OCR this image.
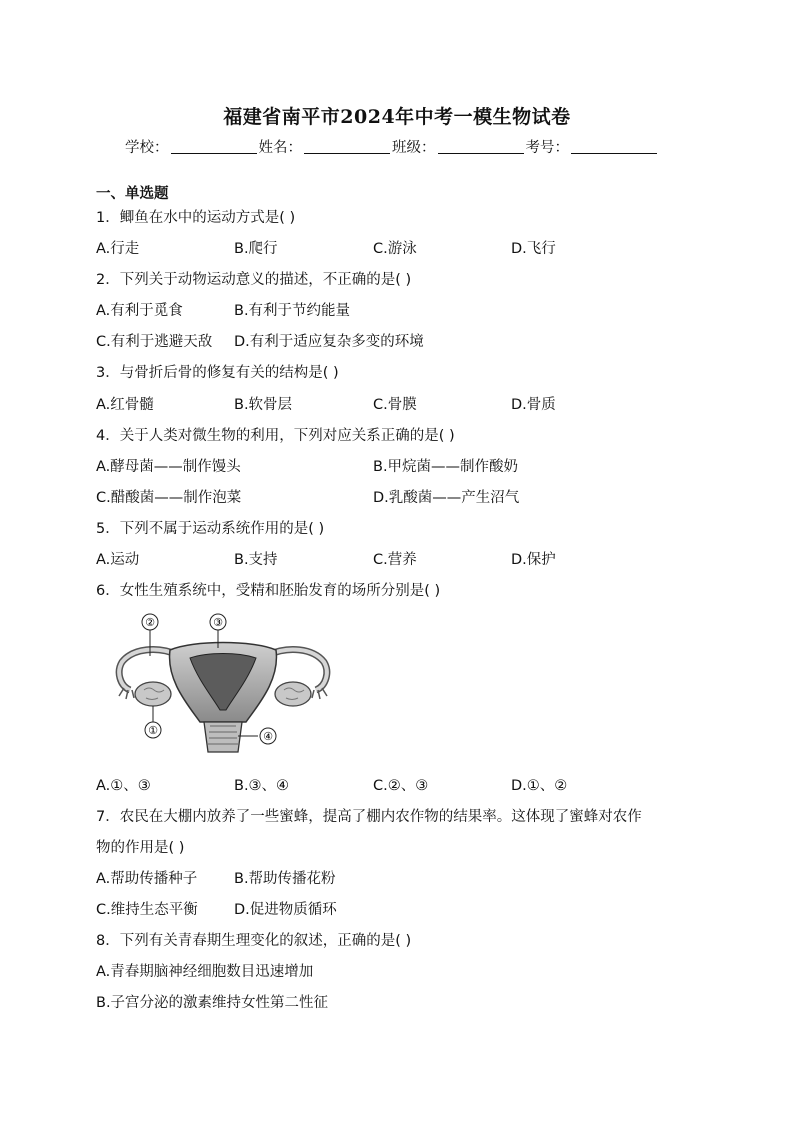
福建省南平市2024年中考一模生物试卷
学校：	姓名：	班级：	考号：
一、单选题
1．鲫鱼在水中的运动方式是( )
A.行走	B.爬行	C.游泳	D.飞行
2．下列关于动物运动意义的描述，不正确的是( )
A.有利于觅食	B.有利于节约能量
C.有利于逃避天敌 D.有利于适应复杂多变的环境
3．与骨折后骨的修复有关的结构是( )
A.红骨髓	B.软骨层	C.骨膜	D.骨质
4．关于人类对微生物的利用，下列对应关系正确的是( )
A.酵母菌——制作馒头	B.甲烷菌——制作酸奶
C.醋酸菌——制作泡菜	D.乳酸菌——产生沼气
5．下列不属于运动系统作用的是( )
A.运动	B.支持	C.营养	D.保护
6．女性生殖系统中，受精和胚胎发育的场所分别是( )
②	③
①	④
A.①、③	B.③、④	C.②、③	D.①、②
7．农民在大棚内放养了一些蜜蜂，提高了棚内农作物的结果率。这体现了蜜蜂对农作
物的作用是( )
A.帮助传播种子	B.帮助传播花粉
C.维持生态平衡	D.促进物质循环
8．下列有关青春期生理变化的叙述，正确的是( )
A.青春期脑神经细胞数目迅速增加
B.子宫分泌的激素维持女性第二性征
